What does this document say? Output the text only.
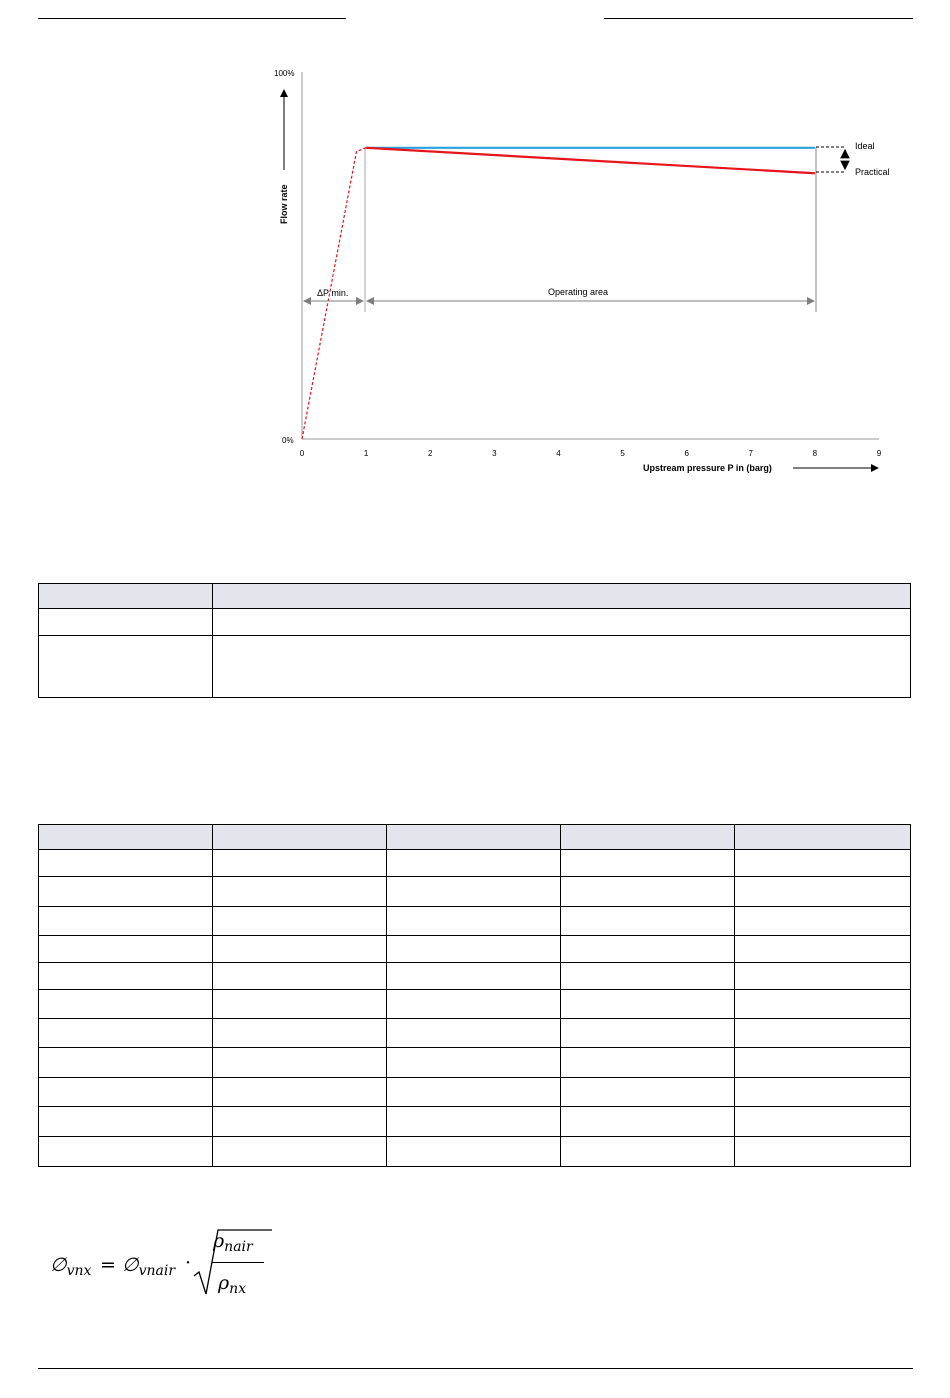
100%
0%
Flow rate
0	1	2	3	4	5	6	7	8	9
Upstream pressure P in (barg)
Ideal
Practical
ΔP min.	Operating area

$\emptyset_{vnx}$ = $\emptyset_{vnair}$ ·
$\rho_{nair}$
$\rho_{nx}$
